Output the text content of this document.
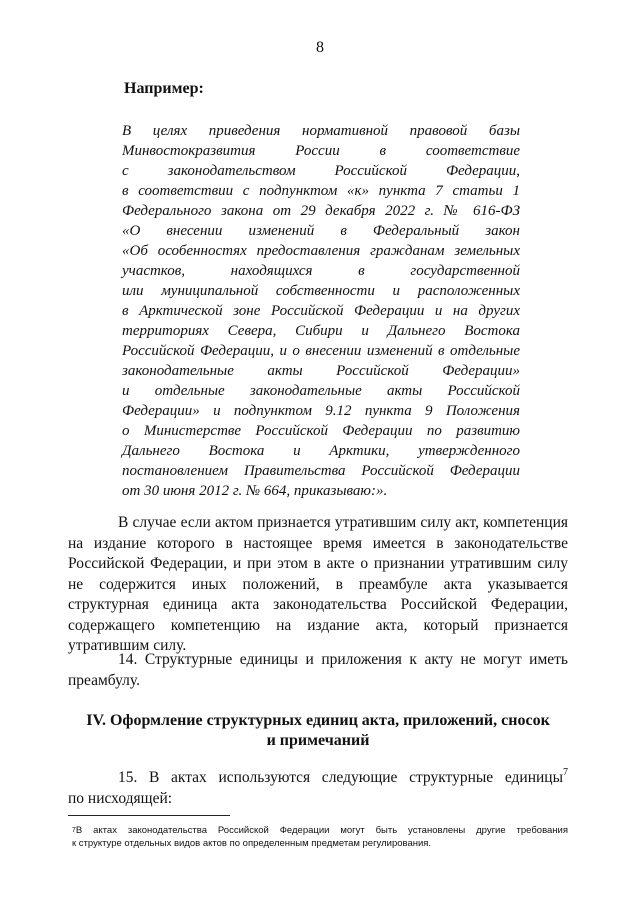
8
Например:
В целях приведения нормативной правовой базы
Минвостокразвития России в соответствие
с законодательством Российской Федерации,
в соответствии с подпунктом «к» пункта 7 статьи 1
Федерального закона от 29 декабря 2022 г. № 616-ФЗ
«О внесении изменений в Федеральный закон
«Об особенностях предоставления гражданам земельных
участков, находящихся в государственной
или муниципальной собственности и расположенных
в Арктической зоне Российской Федерации и на других
территориях Севера, Сибири и Дальнего Востока
Российской Федерации, и о внесении изменений в отдельные
законодательные акты Российской Федерации»
и отдельные законодательные акты Российской
Федерации» и подпунктом 9.12 пункта 9 Положения
о Министерстве Российской Федерации по развитию
Дальнего Востока и Арктики, утвержденного
постановлением Правительства Российской Федерации
от 30 июня 2012 г. № 664, приказываю:».
В случае если актом признается утратившим силу акт, компетенция
на издание которого в настоящее время имеется в законодательстве
Российской Федерации, и при этом в акте о признании утратившим силу
не содержится иных положений, в преамбуле акта указывается
структурная единица акта законодательства Российской Федерации,
содержащего компетенцию на издание акта, который признается
утратившим силу.
14. Структурные единицы и приложения к акту не могут иметь
преамбулу.
IV. Оформление структурных единиц акта, приложений, сносок
и примечаний
15. В актах используются следующие структурные единицы$^7$
по нисходящей:
$^7$В актах законодательства Российской Федерации могут быть установлены другие требования
к структуре отдельных видов актов по определенным предметам регулирования.
